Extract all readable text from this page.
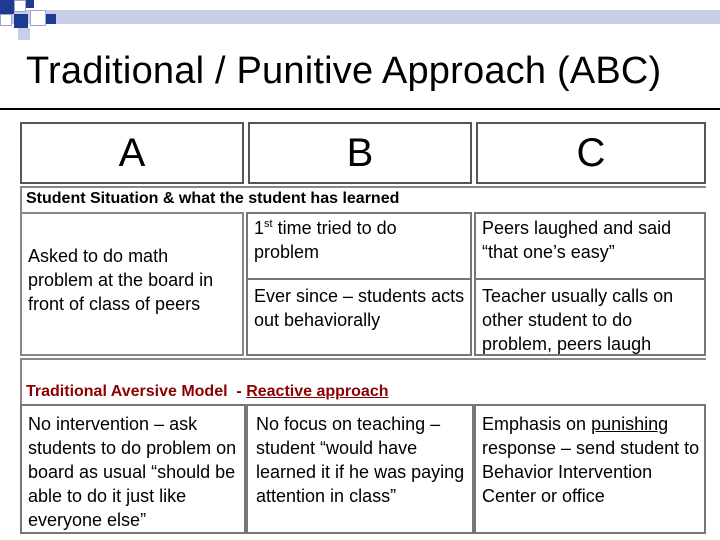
Traditional / Punitive Approach (ABC)
A	B	C
Student Situation & what the student has learned
Asked to do math problem at the board in front of class of peers
1st time tried to do problem
Ever since – students acts out behaviorally
Peers laughed and said “that one’s easy”
Teacher usually calls on other student to do problem, peers laugh
Traditional Aversive Model  - Reactive approach
No intervention – ask students to do problem on board as usual “should be able to do it just like everyone else”
No focus on teaching – student “would have learned it if he was paying attention in class”
Emphasis on punishing response – send student to Behavior Intervention Center or office
